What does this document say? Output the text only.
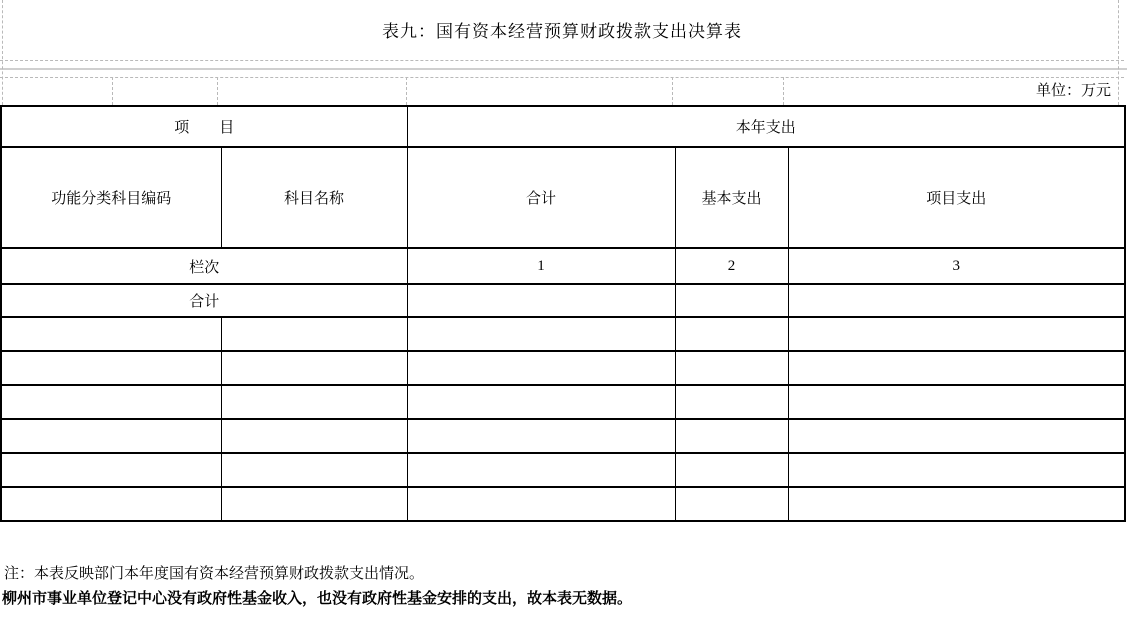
表九：国有资本经营预算财政拨款支出决算表
单位：万元
项　　目		本年支出		
功能分类科目编码	科目名称	合计	基本支出	项目支出
栏次		1	2	3
合计				

注：本表反映部门本年度国有资本经营预算财政拨款支出情况。
柳州市事业单位登记中心没有政府性基金收入，也没有政府性基金安排的支出，故本表无数据。
